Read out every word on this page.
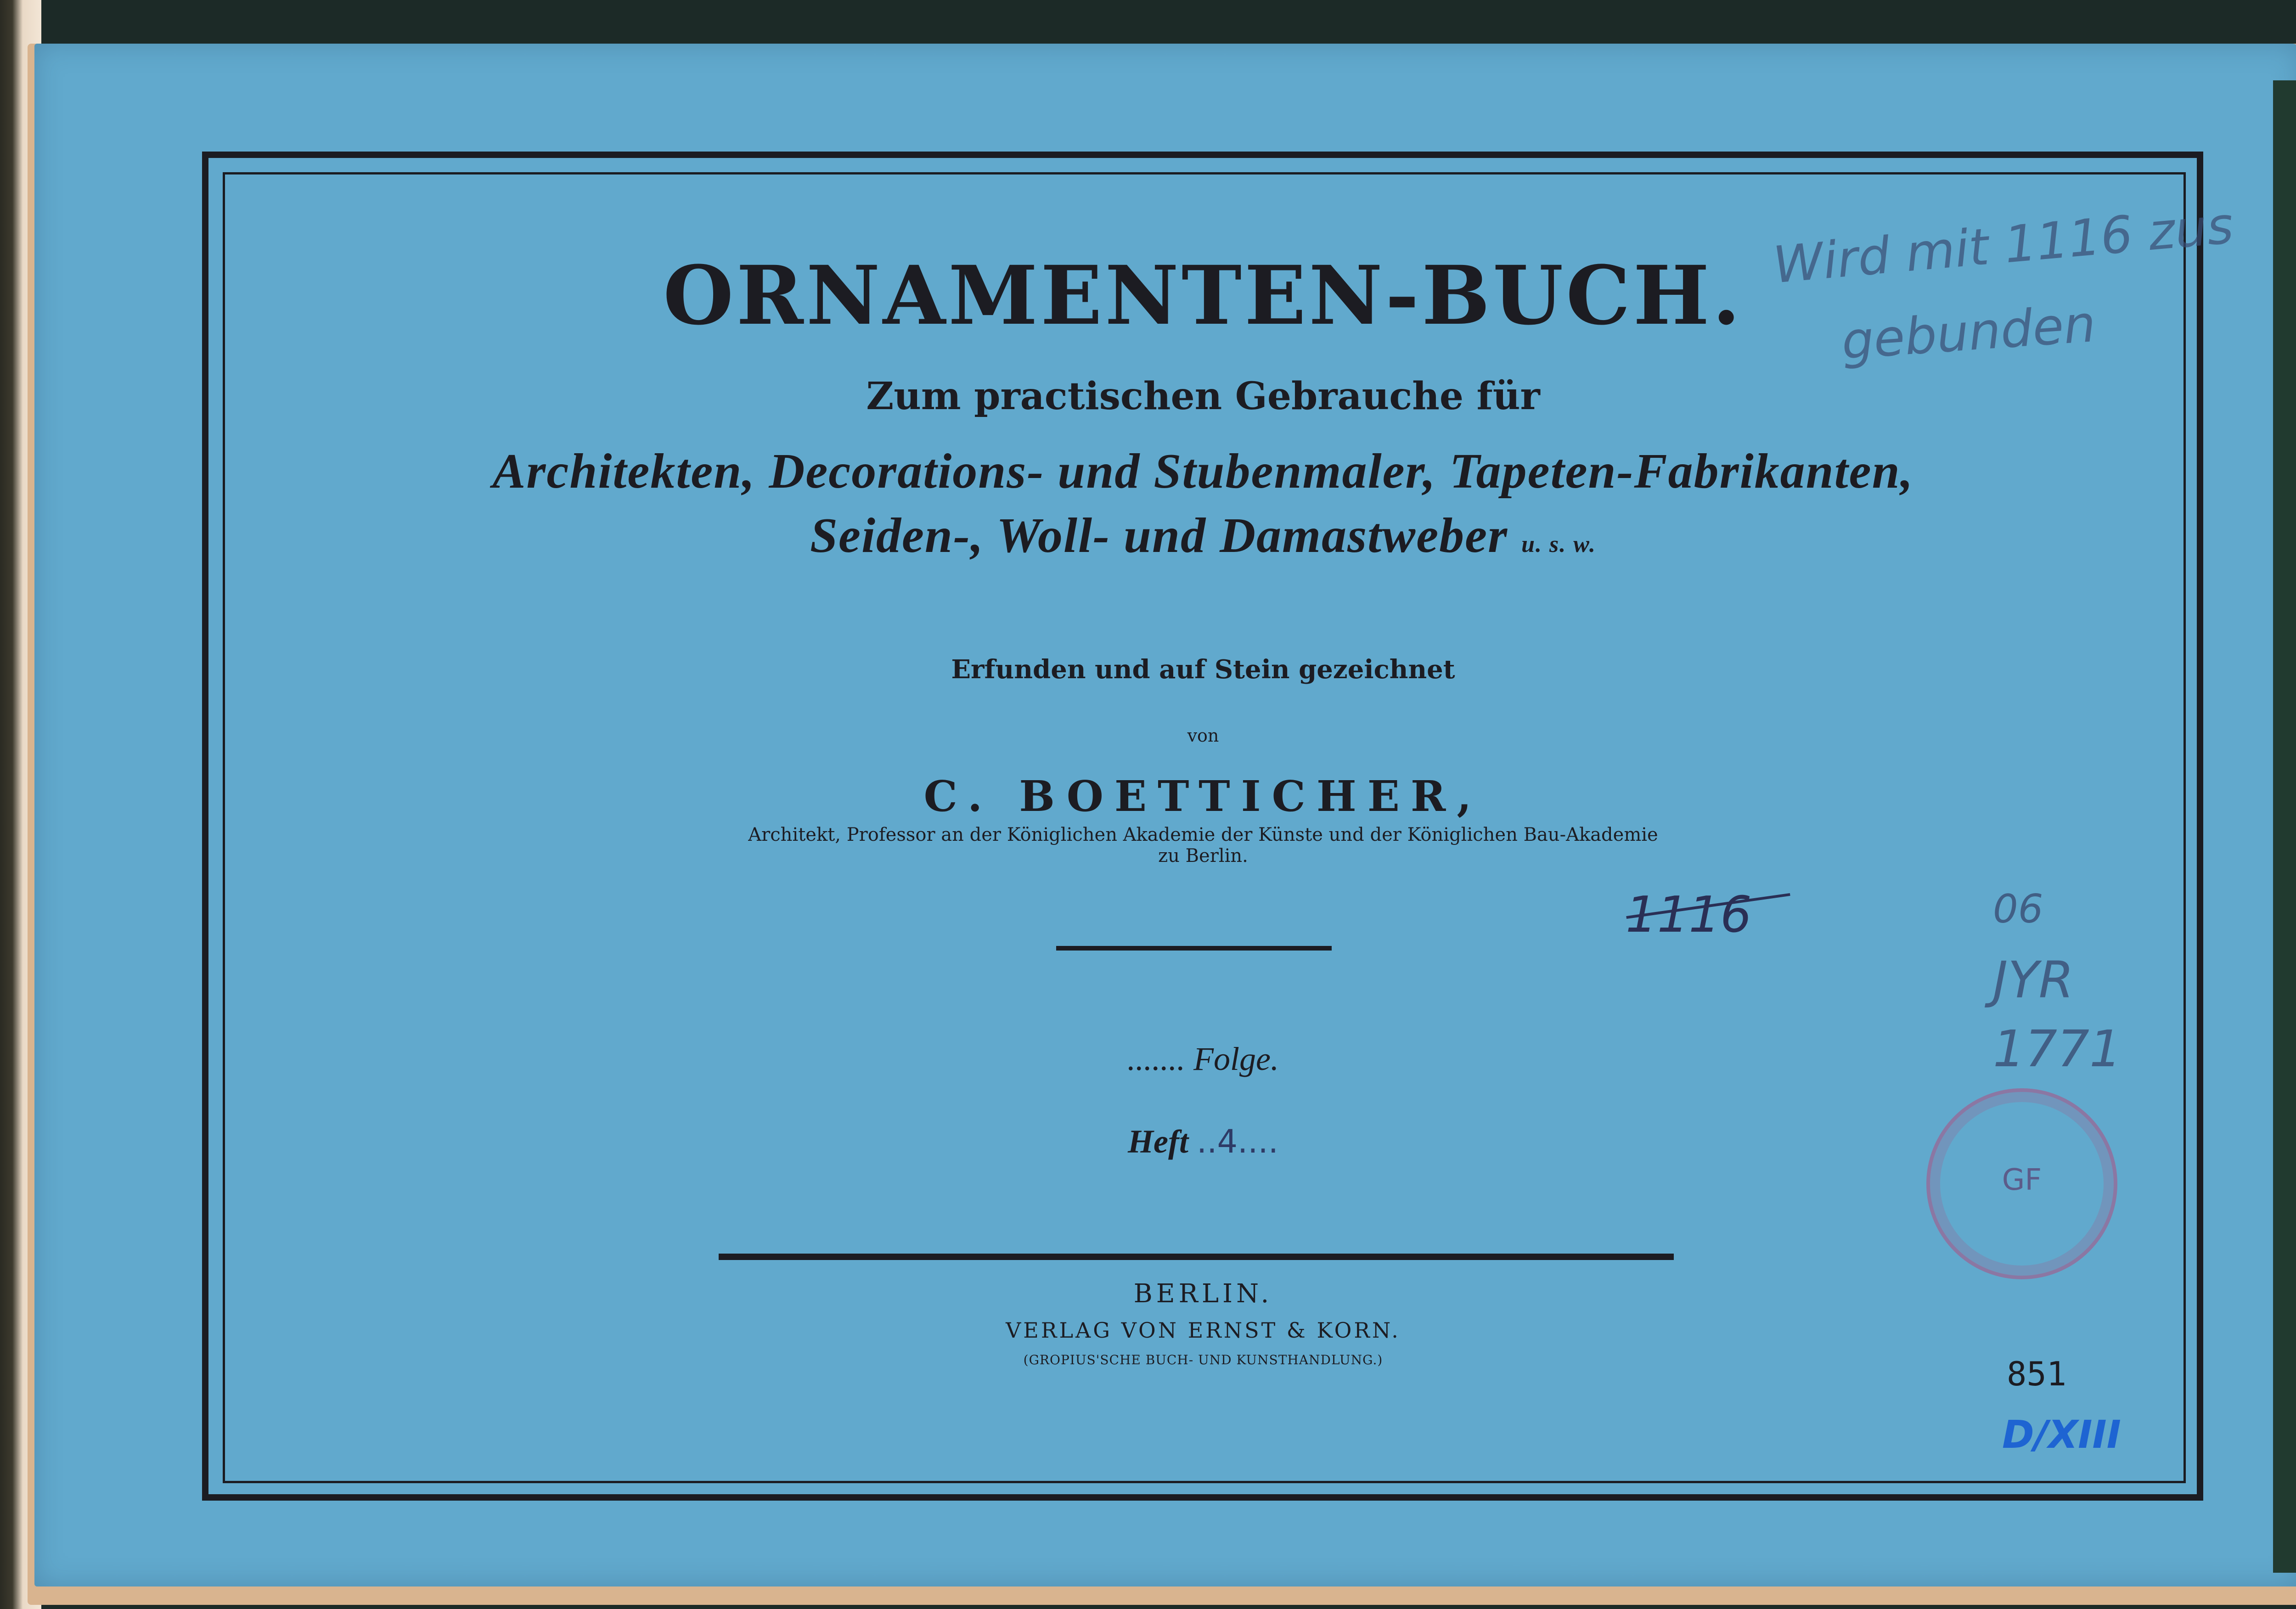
ORNAMENTEN-BUCH.
Zum practischen Gebrauche für
Architekten, Decorations- und Stubenmaler, Tapeten-Fabrikanten,
Seiden-, Woll- und Damastweber u. s. w.
Erfunden und auf Stein gezeichnet
von
C. BOETTICHER,
Architekt, Professor an der Königlichen Akademie der Künste und der Königlichen Bau-Akademie
zu Berlin.
....... Folge.
Heft ..4....
BERLIN.
VERLAG VON ERNST & KORN.
(GROPIUS'SCHE BUCH- UND KUNSTHANDLUNG.)
Wird mit 1116 zus
gebunden
1116	06
JYR
1771
GF
851
D/XIII
